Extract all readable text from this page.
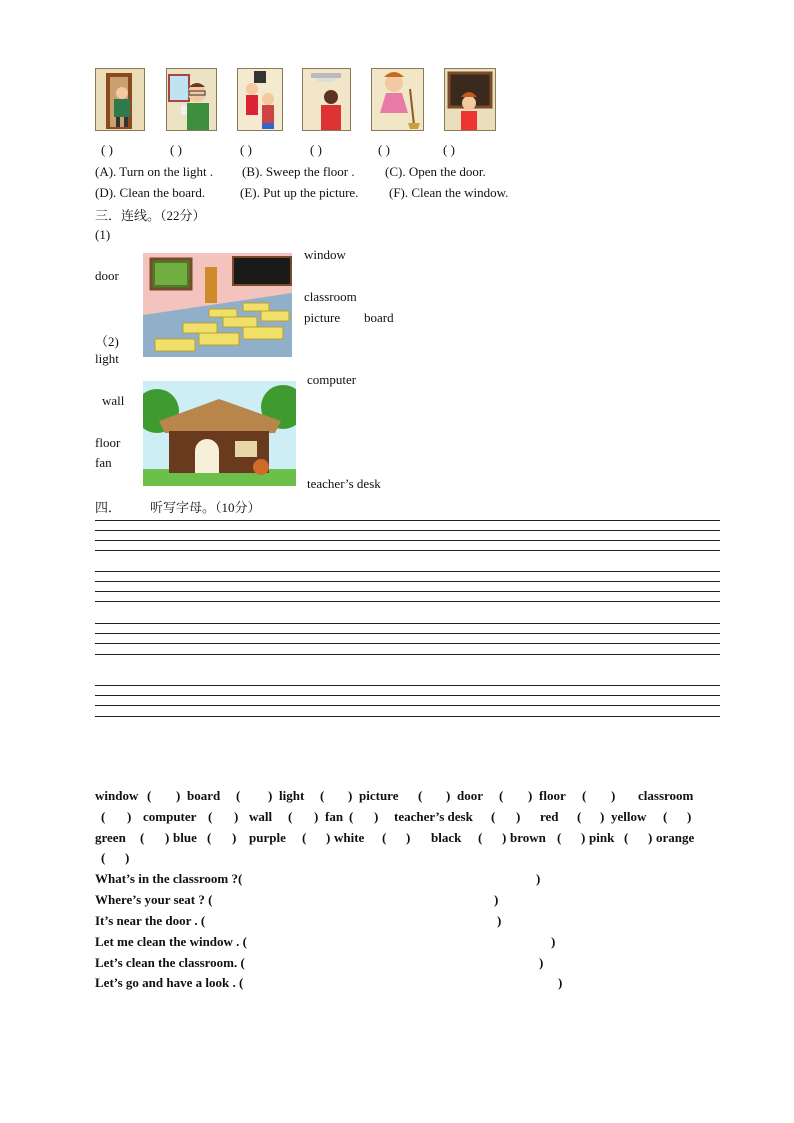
( )	( )	( )	( )	( )	( )
(A). Turn on the light . (B). Sweep the floor . (C). Open the door.
(D). Clean the board.	(E). Put up the picture. (F). Clean the window.
三．连线。（22分）
(1)
window
door
classroom
picture board
（2)
light
computer
wall
floor
fan
teacher’s desk
四． 听写字母。（10分）
window ( ) board ( ) light ( ) picture ( ) door ( ) floor ( ) classroom
( ) computer ( ) wall ( ) fan ( ) teacher’s desk ( ) red ( ) yellow ( )
green ( ) blue ( ) purple ( ) white ( ) black ( ) brown ( ) pink ( ) orange
( )
What’s in the classroom ?(	)
Where’s your seat ? (	)
It’s near the door . (	)
Let me clean the window . (	)
Let’s clean the classroom. (	)
Let’s go and have a look . (	)
